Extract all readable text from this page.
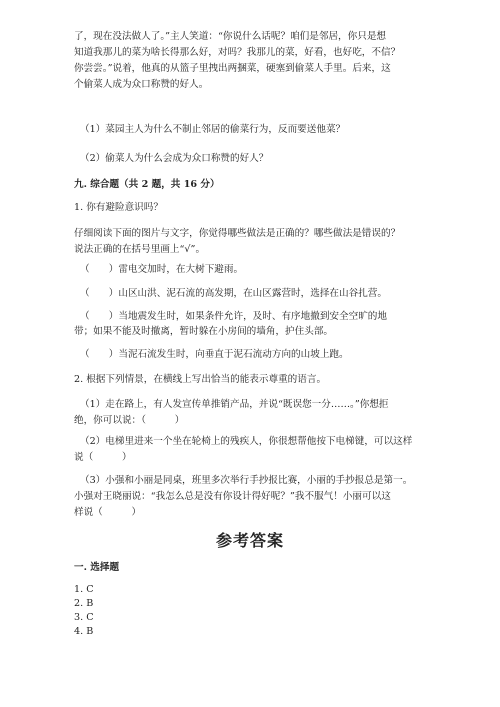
了，现在没法做人了。”主人笑道：“你说什么话呢？咱们是邻居，你只是想

知道我那儿的菜为啥长得那么好，对吗？我那儿的菜，好看，也好吃，不信？

你尝尝。”说着，他真的从篮子里拽出两捆菜，硬塞到偷菜人手里。后来，这

个偷菜人成为众口称赞的好人。

（1）菜园主人为什么不制止邻居的偷菜行为，反而要送他菜？

（2）偷菜人为什么会成为众口称赞的好人？

九. 综合题（共 2 题，共 16 分）

1. 你有避险意识吗？

仔细阅读下面的图片与文字，你觉得哪些做法是正确的？哪些做法是错误的？

说法正确的在括号里画上“√”。

（　　）雷电交加时，在大树下避雨。

（　　）山区山洪、泥石流的高发期，在山区露营时，选择在山谷扎营。

（　　）当地震发生时，如果条件允许，及时、有序地撤到安全空旷的地

带；如果不能及时撤离，暂时躲在小房间的墙角，护住头部。

（　　）当泥石流发生时，向垂直于泥石流动方向的山坡上跑。

2. 根据下列情景，在横线上写出恰当的能表示尊重的语言。

（1）走在路上，有人发宣传单推销产品，并说“既误您一分……。”你想拒

绝，你可以说：（　　　）

（2）电梯里进来一个坐在轮椅上的残疾人，你很想帮他按下电梯键，可以这样

说（　　　）

（3）小强和小丽是同桌，班里多次举行手抄报比赛，小丽的手抄报总是第一。

小强对王晓丽说：“我怎么总是没有你设计得好呢？”我不服气！小丽可以这

样说（　　　）

参考答案

一. 选择题

1. C

2. B

3. C

4. B
